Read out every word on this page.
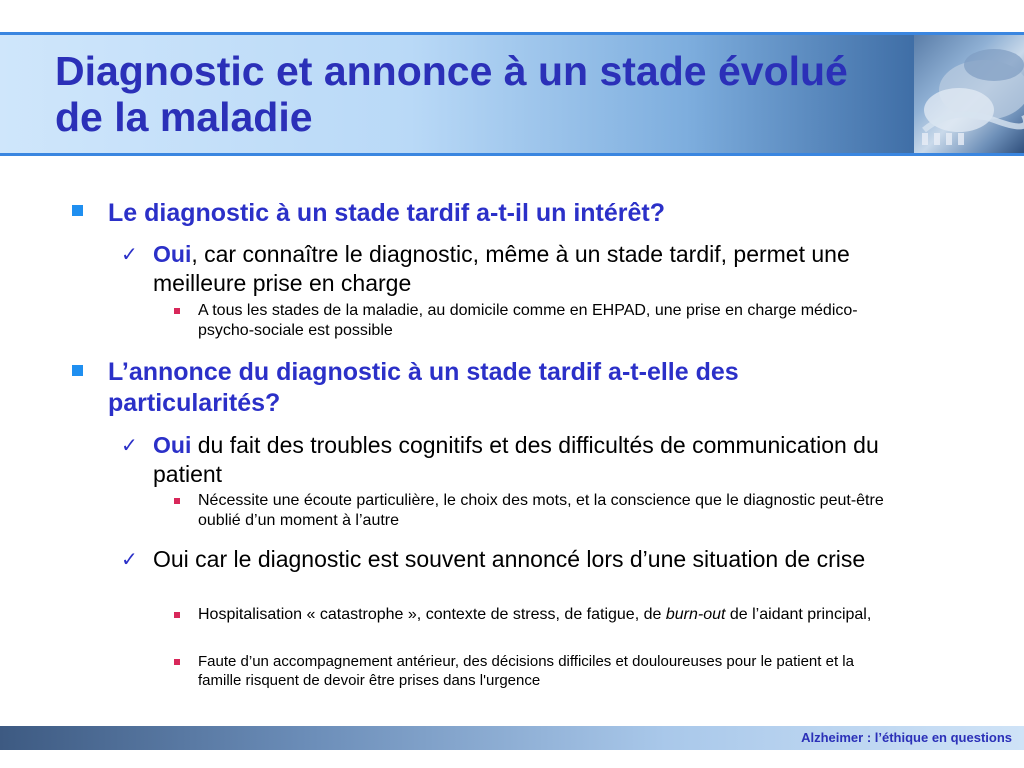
Diagnostic et annonce à un stade évolué de la maladie
Le diagnostic à un stade tardif a-t-il un intérêt?
✓ Oui, car connaître le diagnostic, même à un stade tardif, permet une meilleure prise en charge
A tous les stades de la maladie, au domicile comme en EHPAD, une prise en charge médico-psycho-sociale est possible
L’annonce du diagnostic à un stade tardif a-t-elle des particularités?
✓ Oui du fait des troubles cognitifs et des difficultés de communication du patient
Nécessite une écoute particulière, le choix des mots, et la conscience que le diagnostic peut-être oublié d’un moment à l’autre
✓ Oui car le diagnostic est souvent annoncé lors d’une situation de crise
Hospitalisation « catastrophe », contexte de stress, de fatigue, de burn-out de l’aidant principal,
Faute d’un accompagnement antérieur, des décisions difficiles et douloureuses pour le patient et la famille risquent de devoir être prises dans l'urgence
Alzheimer : l’éthique en questions
